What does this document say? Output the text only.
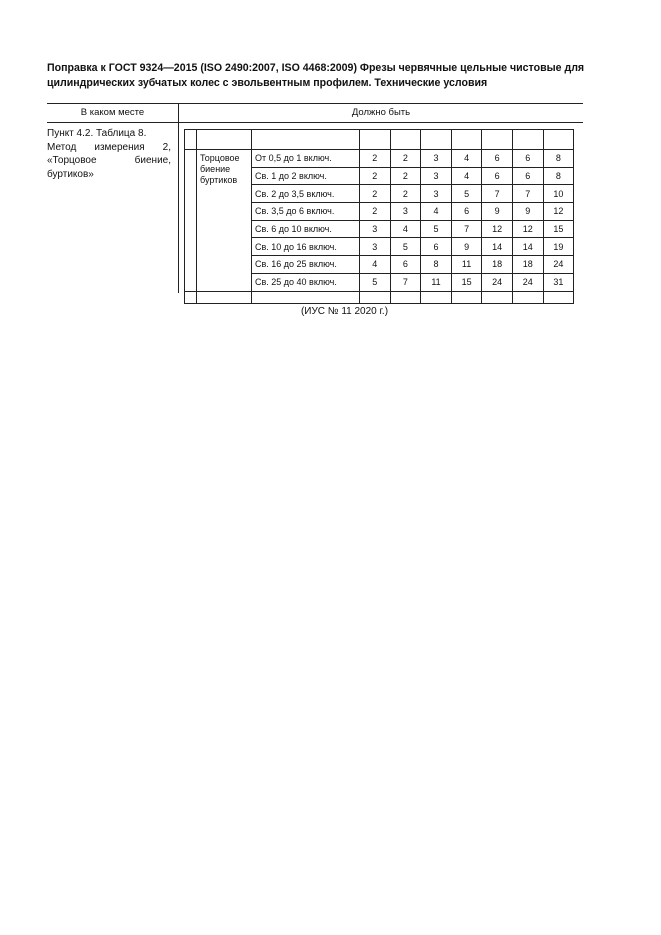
Поправка к ГОСТ 9324—2015 (ISO 2490:2007, ISO 4468:2009) Фрезы червячные цельные чистовые для цилиндрических зубчатых колес с эвольвентным профилем. Технические условия

В каком месте	Должно быть
Пункт 4.2. Таблица 8.
Метод измерения 2,
«Торцовое биение,
буртиков»

	Торцовое биение буртиков	От 0,5 до 1 включ.	2	2	3	4	6	6	8
		Св. 1 до 2 включ.	2	2	3	4	6	6	8
		Св. 2 до 3,5 включ.	2	2	3	5	7	7	10
		Св. 3,5 до 6 включ.	2	3	4	6	9	9	12
		Св. 6 до 10 включ.	3	4	5	7	12	12	15
		Св. 10 до 16 включ.	3	5	6	9	14	14	19
		Св. 16 до 25 включ.	4	6	8	11	18	18	24
		Св. 25 до 40 включ.	5	7	11	15	24	24	31

(ИУС № 11 2020 г.)
